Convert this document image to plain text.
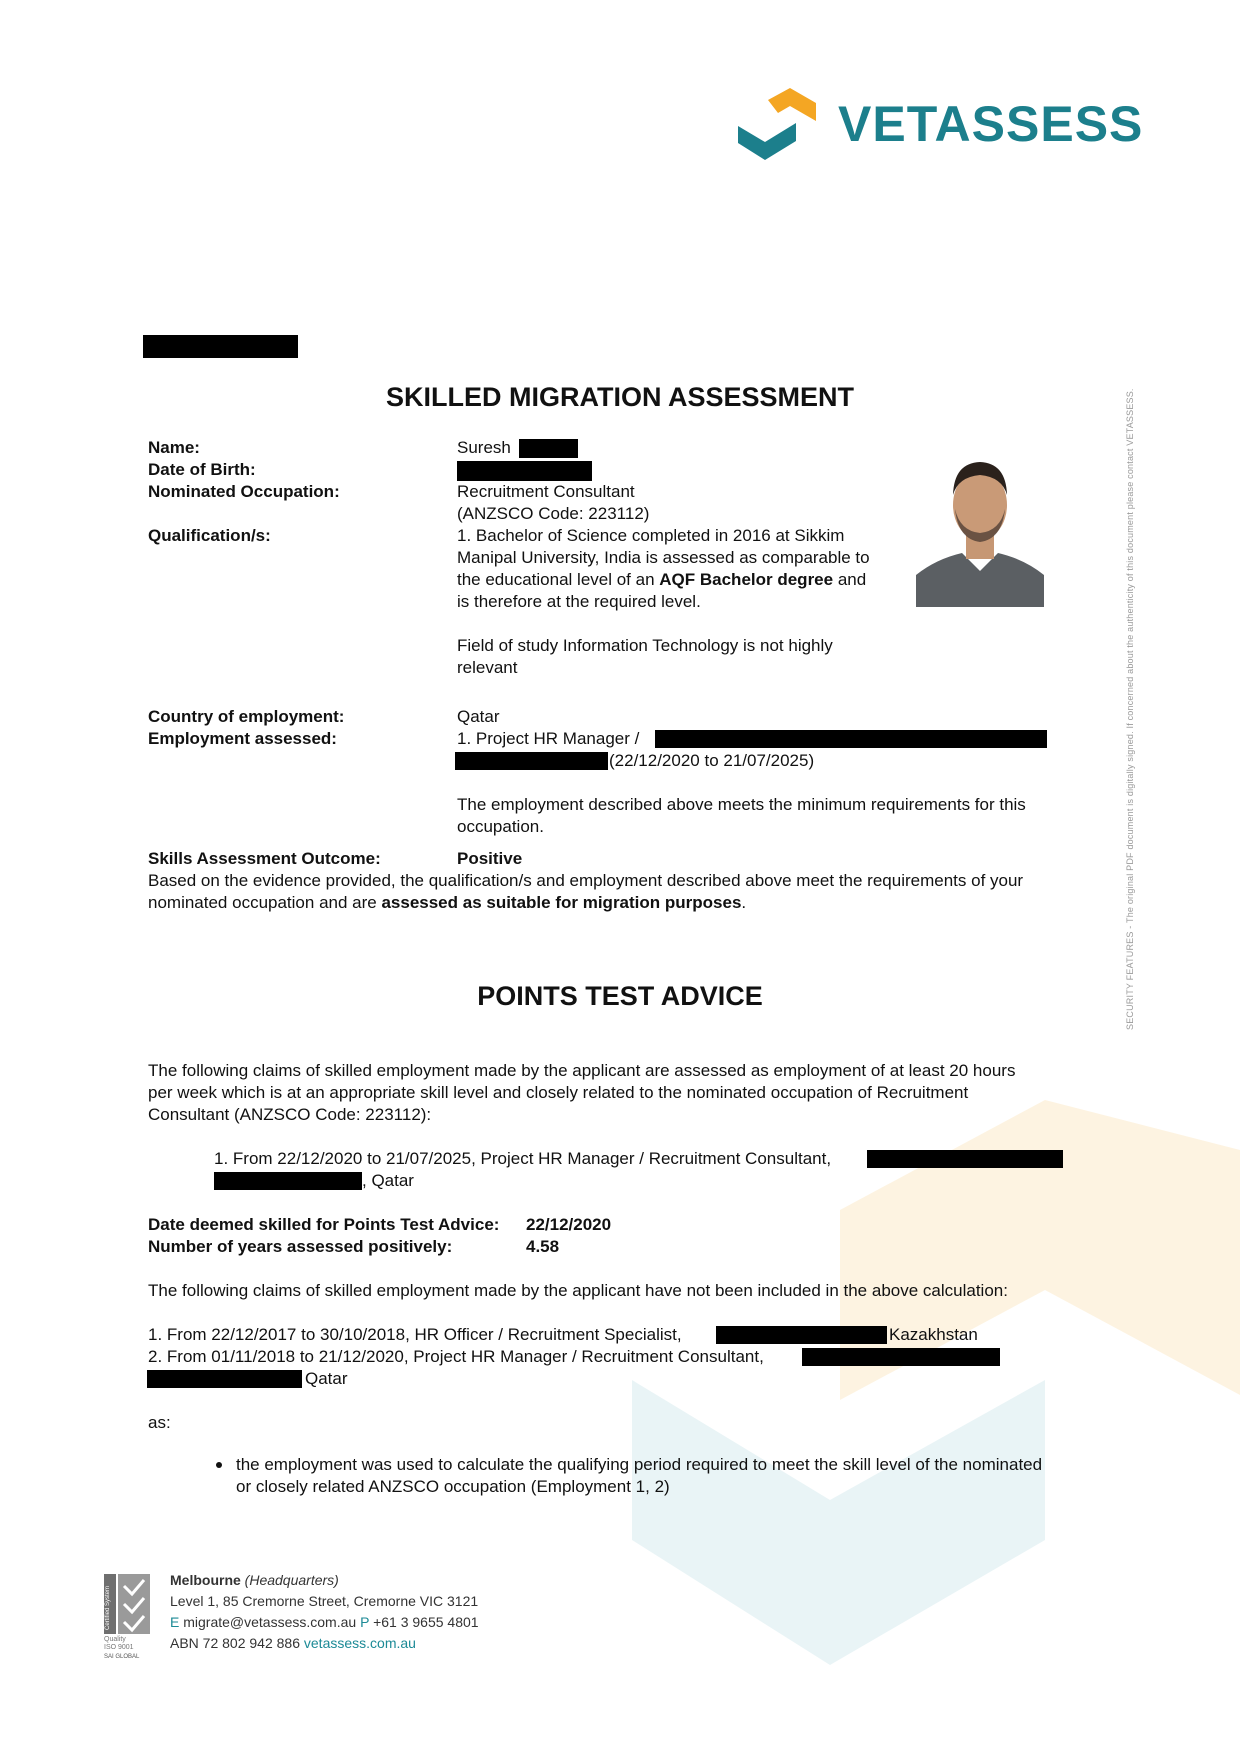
VETASSESS
SECURITY FEATURES - The original PDF document is digitally signed. If concerned about the authenticity of this document please contact VETASSESS.
SKILLED MIGRATION ASSESSMENT
Name:	Suresh
Date of Birth:
Nominated Occupation:	Recruitment Consultant
(ANZSCO Code: 223112)
Qualification/s:	1. Bachelor of Science completed in 2016 at Sikkim
Manipal University, India is assessed as comparable to
the educational level of an AQF Bachelor degree and
is therefore at the required level.
Field of study Information Technology is not highly
relevant
Country of employment:	Qatar
Employment assessed:	1. Project HR Manager /
(22/12/2020 to 21/07/2025)
The employment described above meets the minimum requirements for this
occupation.
Skills Assessment Outcome:	Positive
Based on the evidence provided, the qualification/s and employment described above meet the requirements of your
nominated occupation and are assessed as suitable for migration purposes.
POINTS TEST ADVICE
The following claims of skilled employment made by the applicant are assessed as employment of at least 20 hours
per week which is at an appropriate skill level and closely related to the nominated occupation of Recruitment
Consultant (ANZSCO Code: 223112):
1. From 22/12/2020 to 21/07/2025, Project HR Manager / Recruitment Consultant,
, Qatar
Date deemed skilled for Points Test Advice: 22/12/2020
Number of years assessed positively:	4.58
The following claims of skilled employment made by the applicant have not been included in the above calculation:
1. From 22/12/2017 to 30/10/2018, HR Officer / Recruitment Specialist,	Kazakhstan
2. From 01/11/2018 to 21/12/2020, Project HR Manager / Recruitment Consultant,
Qatar
as:
the employment was used to calculate the qualifying period required to meet the skill level of the nominated
or closely related ANZSCO occupation (Employment 1, 2)
Certified System
Quality
ISO 9001
SAI GLOBAL
Melbourne (Headquarters)
Level 1, 85 Cremorne Street, Cremorne VIC 3121
E migrate@vetassess.com.au P +61 3 9655 4801
ABN 72 802 942 886 vetassess.com.au
